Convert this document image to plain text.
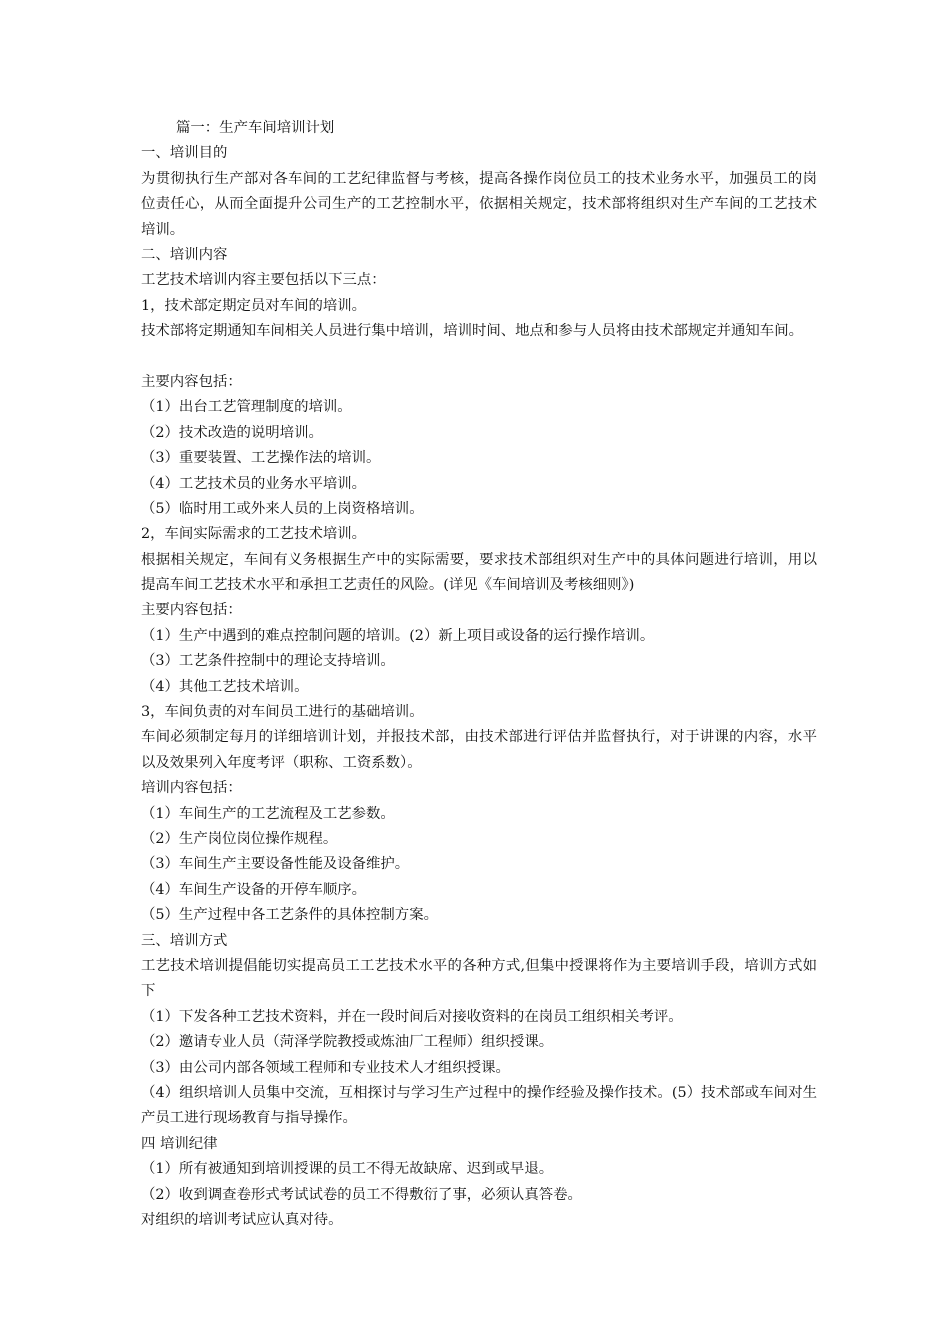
篇一：生产车间培训计划
一、培训目的
为贯彻执行生产部对各车间的工艺纪律监督与考核，提高各操作岗位员工的技术业务水平，加强员工的岗位责任心，从而全面提升公司生产的工艺控制水平，依据相关规定，技术部将组织对生产车间的工艺技术培训。
二、培训内容
工艺技术培训内容主要包括以下三点：
1，技术部定期定员对车间的培训。
技术部将定期通知车间相关人员进行集中培训，培训时间、地点和参与人员将由技术部规定并通知车间。
主要内容包括：
（1）出台工艺管理制度的培训。
（2）技术改造的说明培训。
（3）重要装置、工艺操作法的培训。
（4）工艺技术员的业务水平培训。
（5）临时用工或外来人员的上岗资格培训。
2，车间实际需求的工艺技术培训。
根据相关规定，车间有义务根据生产中的实际需要，要求技术部组织对生产中的具体问题进行培训，用以提高车间工艺技术水平和承担工艺责任的风险。(详见《车间培训及考核细则》)
主要内容包括：
（1）生产中遇到的难点控制问题的培训。(2）新上项目或设备的运行操作培训。
（3）工艺条件控制中的理论支持培训。
（4）其他工艺技术培训。
3，车间负责的对车间员工进行的基础培训。
车间必须制定每月的详细培训计划，并报技术部，由技术部进行评估并监督执行，对于讲课的内容，水平以及效果列入年度考评（职称、工资系数）。
培训内容包括：
（1）车间生产的工艺流程及工艺参数。
（2）生产岗位岗位操作规程。
（3）车间生产主要设备性能及设备维护。
（4）车间生产设备的开停车顺序。
（5）生产过程中各工艺条件的具体控制方案。
三、培训方式
工艺技术培训提倡能切实提高员工工艺技术水平的各种方式,但集中授课将作为主要培训手段，培训方式如下
（1）下发各种工艺技术资料，并在一段时间后对接收资料的在岗员工组织相关考评。
（2）邀请专业人员（菏泽学院教授或炼油厂工程师）组织授课。
（3）由公司内部各领域工程师和专业技术人才组织授课。
（4）组织培训人员集中交流，互相探讨与学习生产过程中的操作经验及操作技术。(5）技术部或车间对生产员工进行现场教育与指导操作。
四 培训纪律
（1）所有被通知到培训授课的员工不得无故缺席、迟到或早退。
（2）收到调查卷形式考试试卷的员工不得敷衍了事，必须认真答卷。
对组织的培训考试应认真对待。
